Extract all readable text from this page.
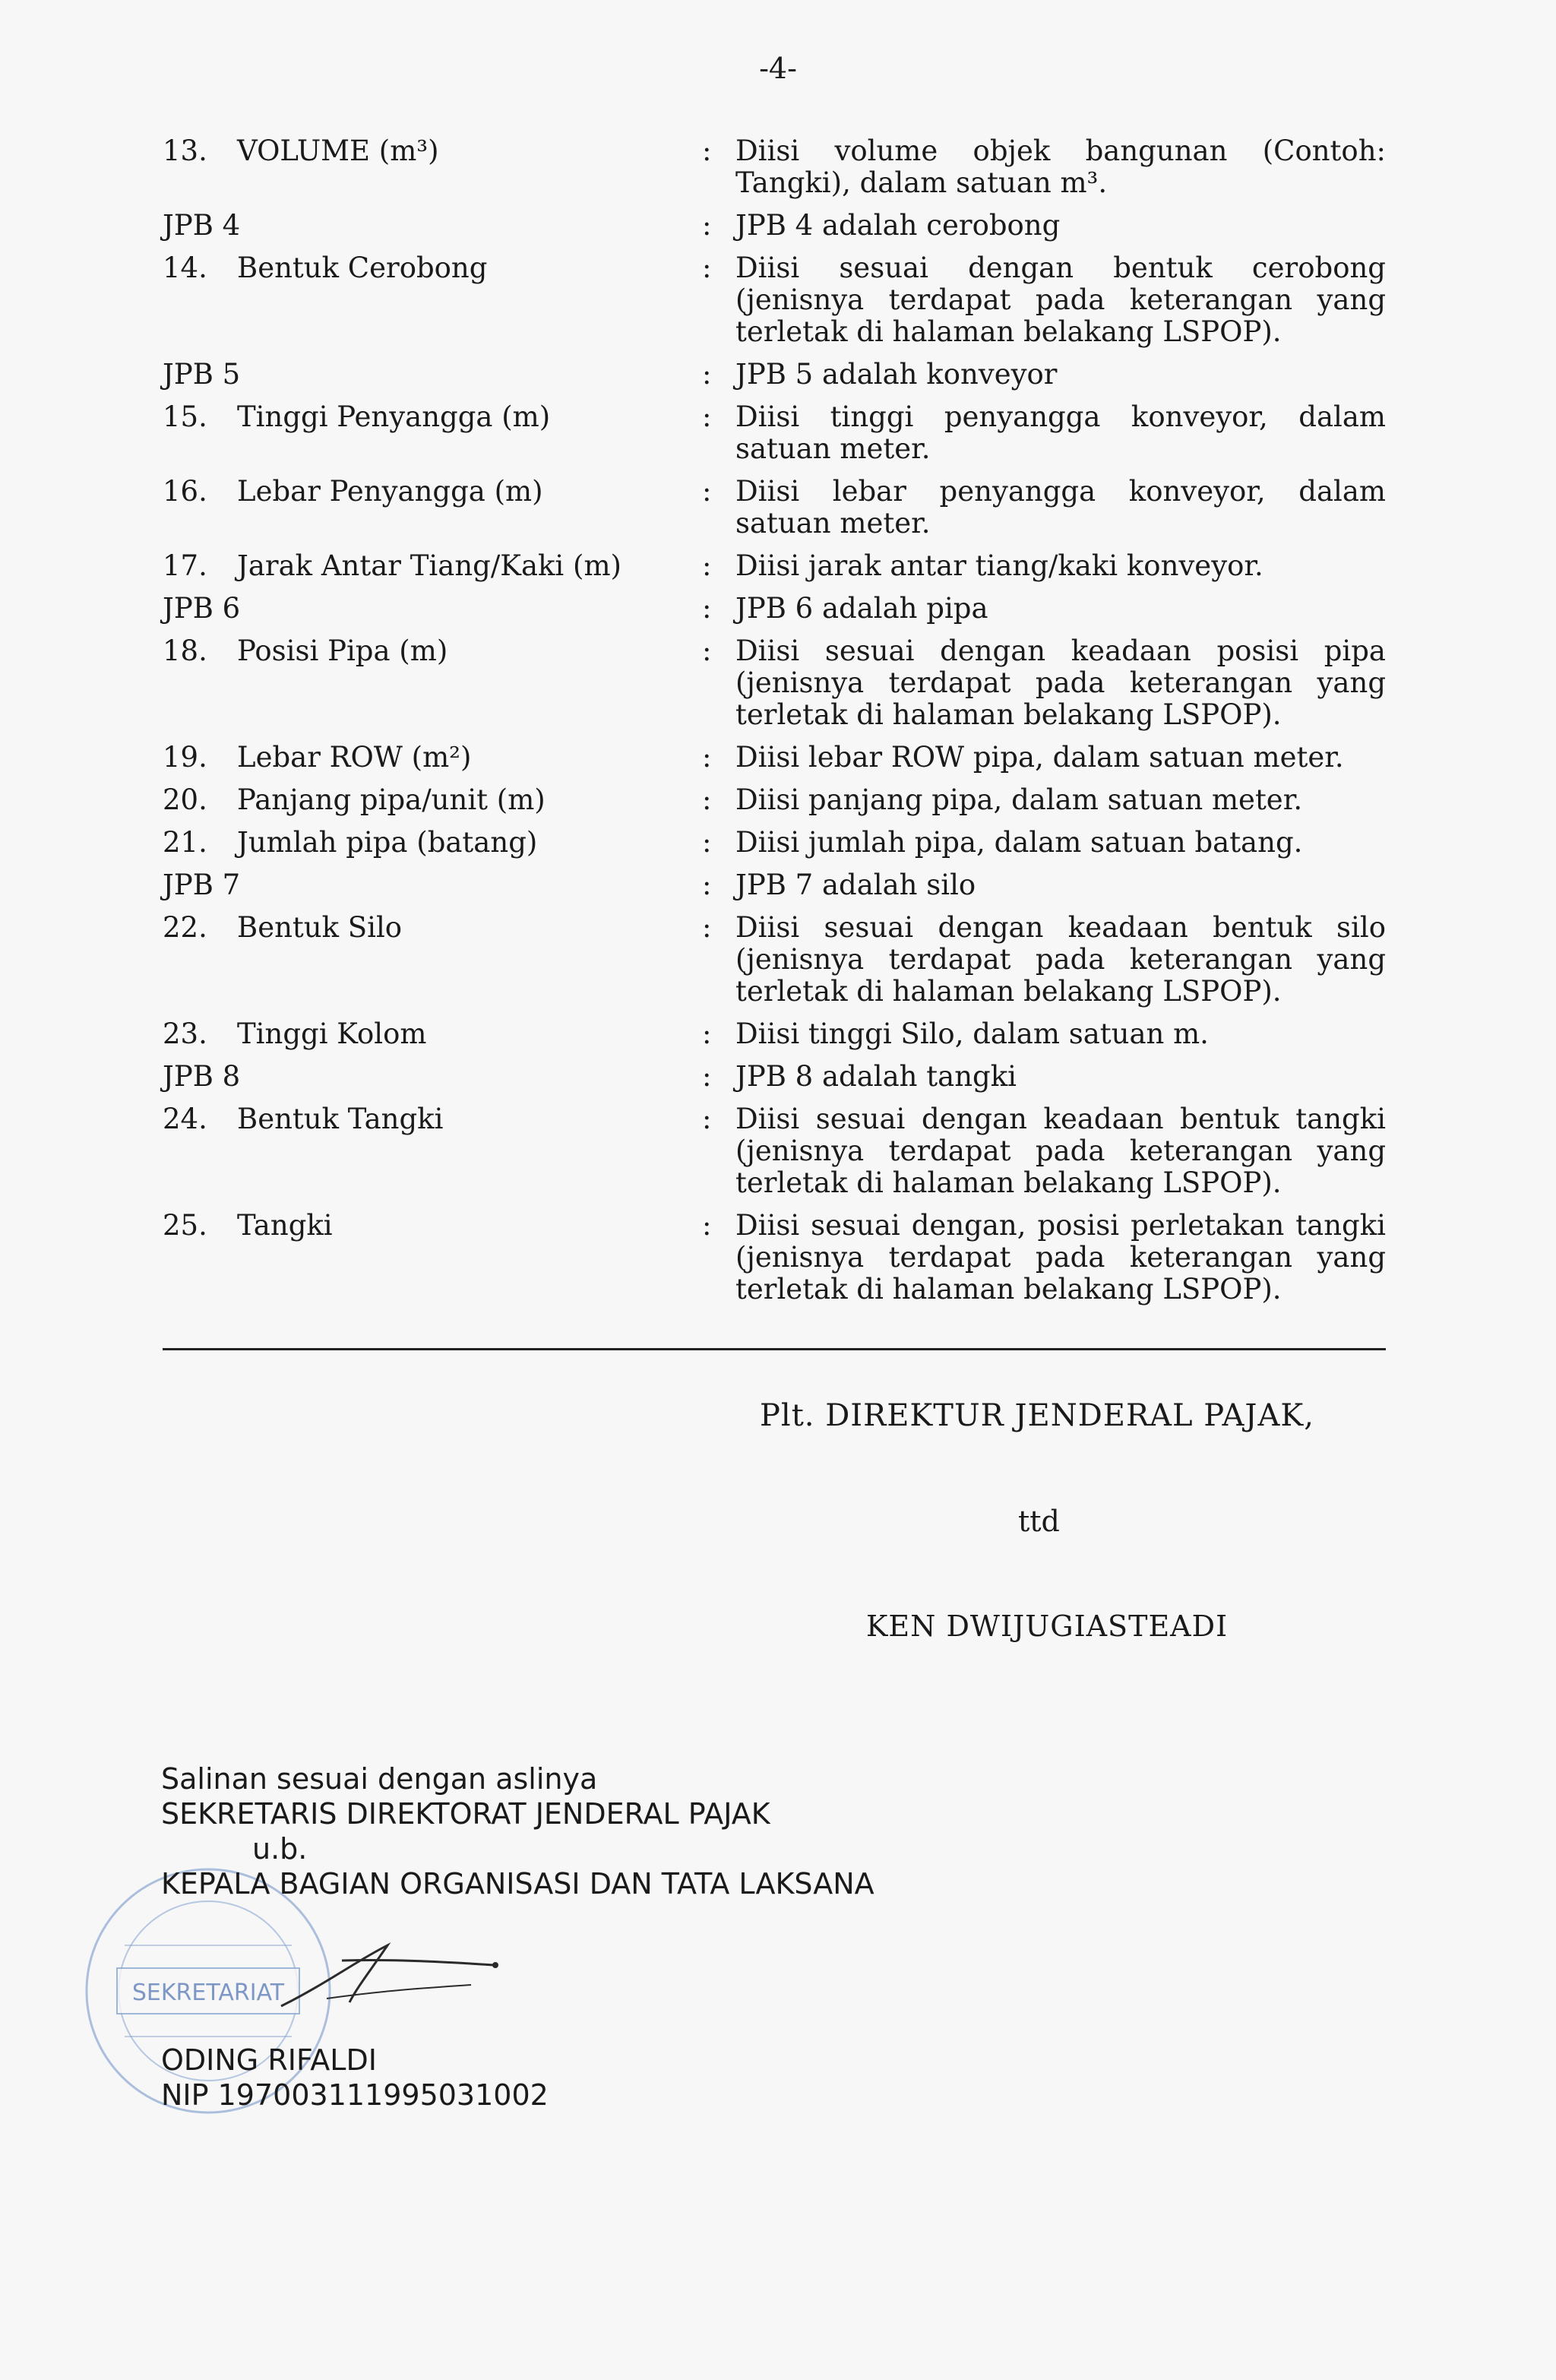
-4-
13.	VOLUME (m³)	: Diisi volume objek bangunan (Contoh: Tangki), dalam satuan m³.
JPB 4	: JPB 4 adalah cerobong
14.	Bentuk Cerobong	: Diisi sesuai dengan bentuk cerobong (jenisnya terdapat pada keterangan yang terletak di halaman belakang LSPOP).
JPB 5	: JPB 5 adalah konveyor
15.	Tinggi Penyangga (m)	: Diisi tinggi penyangga konveyor, dalam satuan meter.
16.	Lebar Penyangga (m)	: Diisi lebar penyangga konveyor, dalam satuan meter.
17.	Jarak Antar Tiang/Kaki (m)	: Diisi jarak antar tiang/kaki konveyor.
JPB 6	: JPB 6 adalah pipa
18.	Posisi Pipa (m)	: Diisi sesuai dengan keadaan posisi pipa (jenisnya terdapat pada keterangan yang terletak di halaman belakang LSPOP).
19.	Lebar ROW (m²)	: Diisi lebar ROW pipa, dalam satuan meter.
20.	Panjang pipa/unit (m)	: Diisi panjang pipa, dalam satuan meter.
21.	Jumlah pipa (batang)	: Diisi jumlah pipa, dalam satuan batang.
JPB 7	: JPB 7 adalah silo
22.	Bentuk Silo	: Diisi sesuai dengan keadaan bentuk silo (jenisnya terdapat pada keterangan yang terletak di halaman belakang LSPOP).
23.	Tinggi Kolom	: Diisi tinggi Silo, dalam satuan m.
JPB 8	: JPB 8 adalah tangki
24.	Bentuk Tangki	: Diisi sesuai dengan keadaan bentuk tangki (jenisnya terdapat pada keterangan yang terletak di halaman belakang LSPOP).
25.	Tangki	: Diisi sesuai dengan, posisi perletakan tangki (jenisnya terdapat pada keterangan yang terletak di halaman belakang LSPOP).
Plt. DIREKTUR JENDERAL PAJAK,
ttd
KEN DWIJUGIASTEADI
SEKRETARIAT
Salinan sesuai dengan aslinya
SEKRETARIS DIREKTORAT JENDERAL PAJAK
u.b.
KEPALA BAGIAN ORGANISASI DAN TATA LAKSANA
ODING RIFALDI
NIP 197003111995031002
